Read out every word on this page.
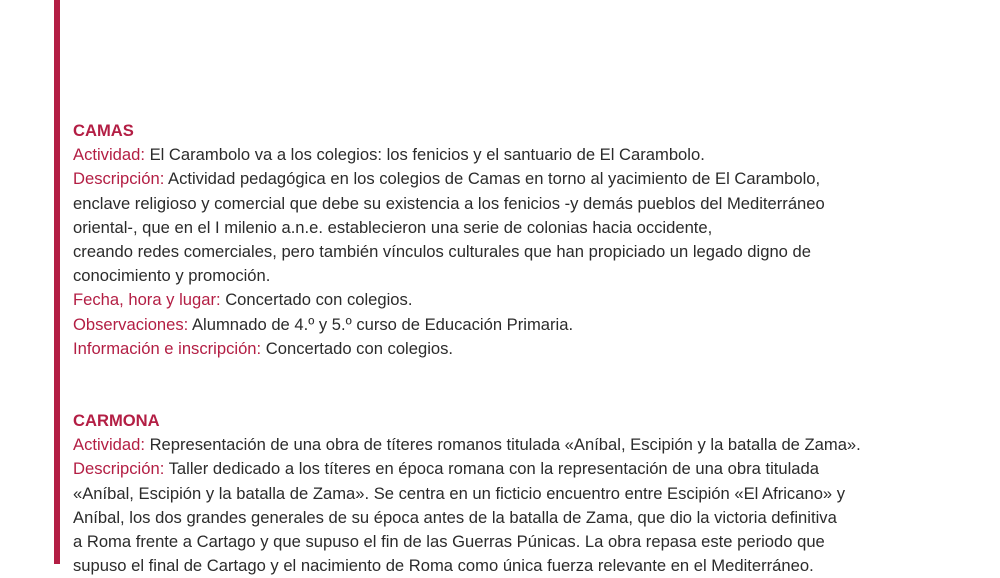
CAMAS
Actividad: El Carambolo va a los colegios: los fenicios y el santuario de El Carambolo.
Descripción: Actividad pedagógica en los colegios de Camas en torno al yacimiento de El Carambolo,
enclave religioso y comercial que debe su existencia a los fenicios -y demás pueblos del Mediterráneo
oriental-, que en el I milenio a.n.e. establecieron una serie de colonias hacia occidente,
creando redes comerciales, pero también vínculos culturales que han propiciado un legado digno de
conocimiento y promoción.
Fecha, hora y lugar: Concertado con colegios.
Observaciones: Alumnado de 4.º y 5.º curso de Educación Primaria.
Información e inscripción: Concertado con colegios.
CARMONA
Actividad: Representación de una obra de títeres romanos titulada «Aníbal, Escipión y la batalla de Zama».
Descripción: Taller dedicado a los títeres en época romana con la representación de una obra titulada
«Aníbal, Escipión y la batalla de Zama». Se centra en un ficticio encuentro entre Escipión «El Africano» y
Aníbal, los dos grandes generales de su época antes de la batalla de Zama, que dio la victoria definitiva
a Roma frente a Cartago y que supuso el fin de las Guerras Púnicas. La obra repasa este periodo que
supuso el final de Cartago y el nacimiento de Roma como única fuerza relevante en el Mediterráneo.
